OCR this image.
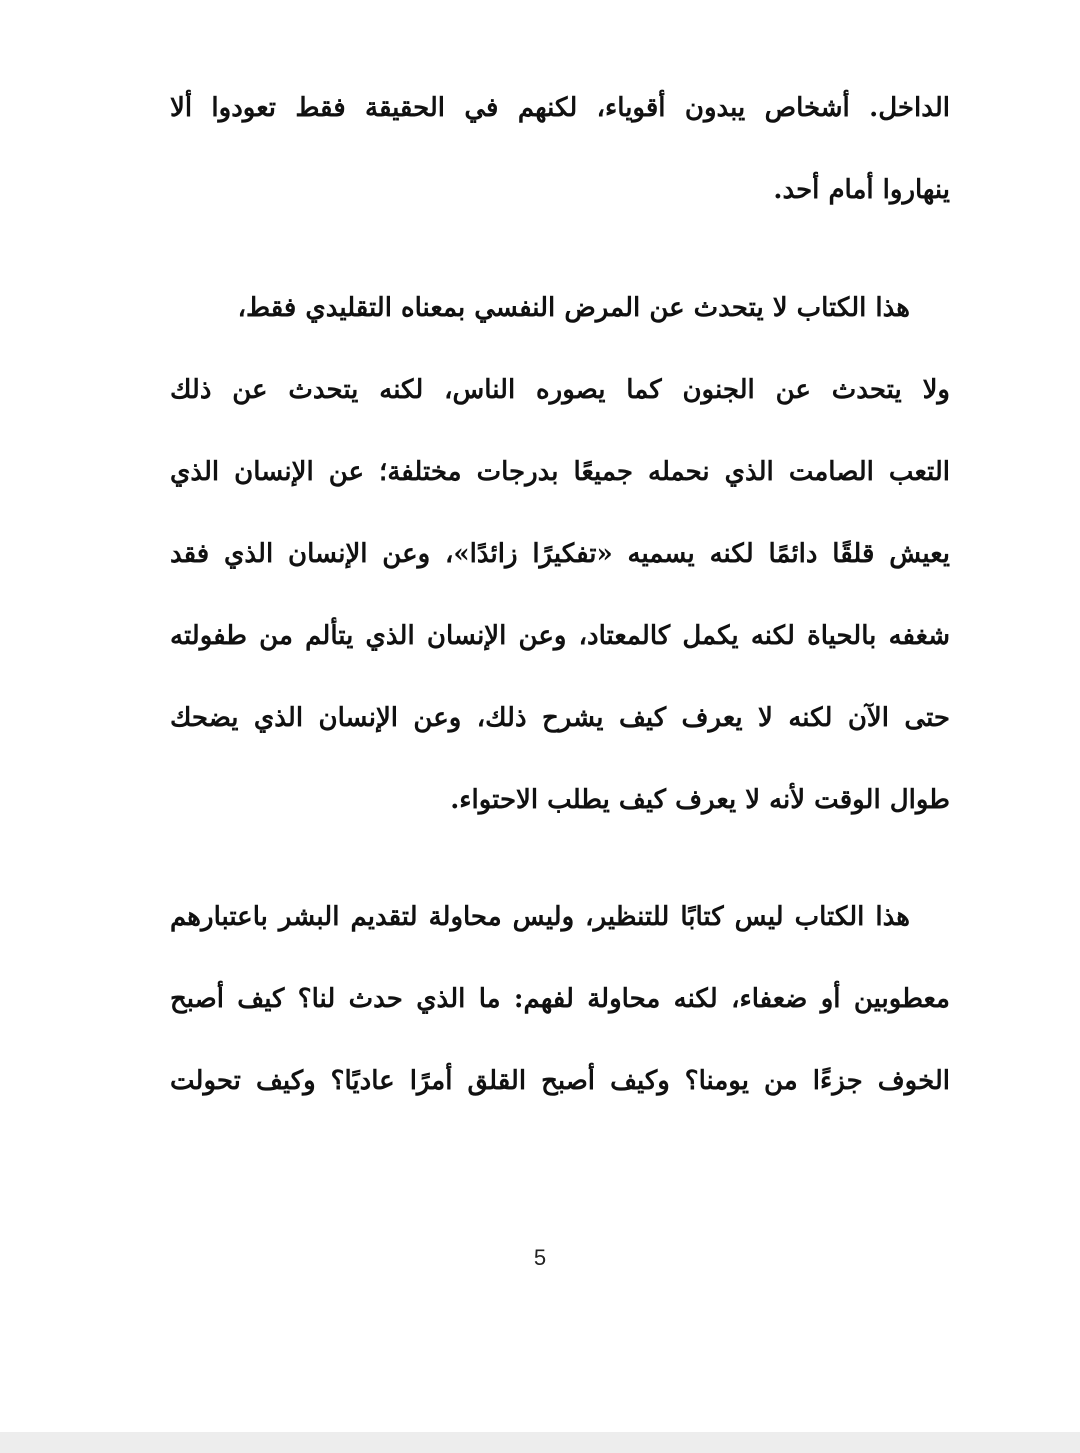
الداخل. أشخاص يبدون أقوياء، لكنهم في الحقيقة فقط تعودوا ألا
ينهاروا أمام أحد.
هذا الكتاب لا يتحدث عن المرض النفسي بمعناه التقليدي فقط،
ولا يتحدث عن الجنون كما يصوره الناس، لكنه يتحدث عن ذلك
التعب الصامت الذي نحمله جميعًا بدرجات مختلفة؛ عن الإنسان الذي
يعيش قلقًا دائمًا لكنه يسميه «تفكيرًا زائدًا»، وعن الإنسان الذي فقد
شغفه بالحياة لكنه يكمل كالمعتاد، وعن الإنسان الذي يتألم من طفولته
حتى الآن لكنه لا يعرف كيف يشرح ذلك، وعن الإنسان الذي يضحك
طوال الوقت لأنه لا يعرف كيف يطلب الاحتواء.
هذا الكتاب ليس كتابًا للتنظير، وليس محاولة لتقديم البشر باعتبارهم
معطوبين أو ضعفاء، لكنه محاولة لفهم: ما الذي حدث لنا؟ كيف أصبح
الخوف جزءًا من يومنا؟ وكيف أصبح القلق أمرًا عاديًا؟ وكيف تحولت
5
